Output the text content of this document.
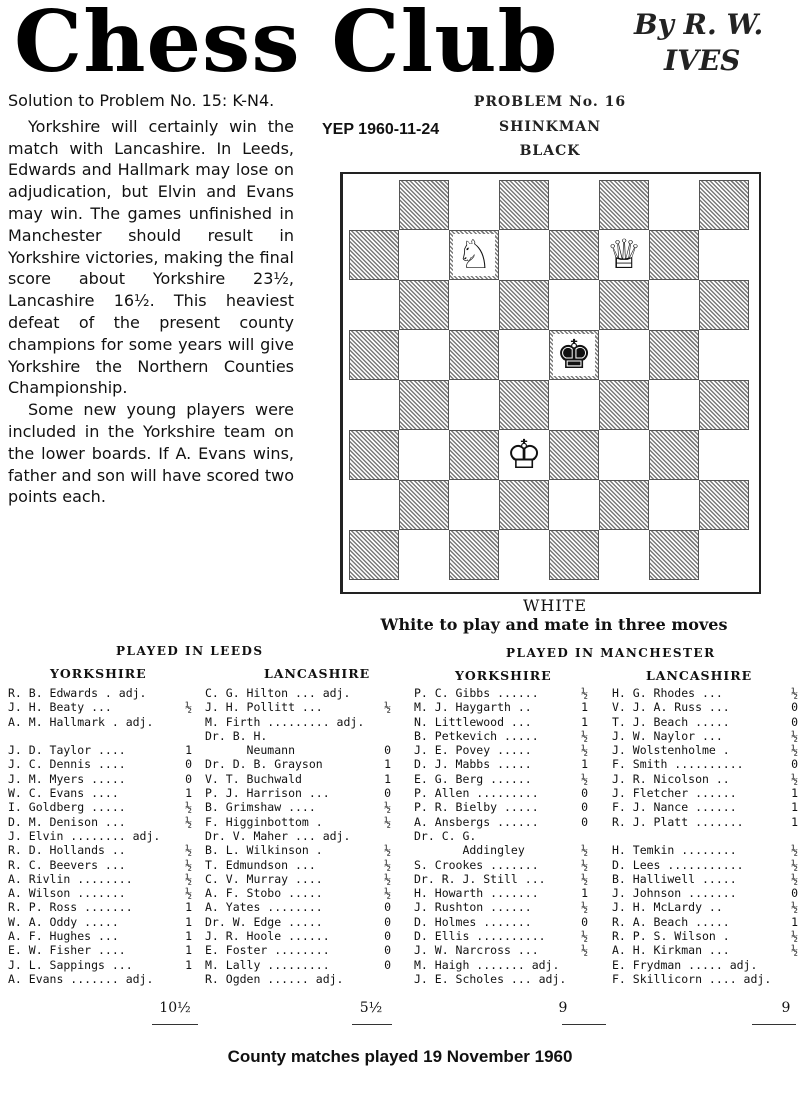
Chess Club	By R. W.
IVES

Solution to Problem No. 15: K-N4.

Yorkshire will certainly win the match with Lancashire. In Leeds, Edwards and Hallmark may lose on adjudication, but Elvin and Evans may win. The games unfinished in Manchester should result in Yorkshire victories, making the final score about Yorkshire 23½, Lancashire 16½. This heaviest defeat of the present county champions for some years will give Yorkshire the Northern Counties Championship.

Some new young players were included in the Yorkshire team on the lower boards. If A. Evans wins, father and son will have scored two points each.

YEP 1960-11-24
PROBLEM No. 16
SHINKMAN
BLACK
♘	♕
♚
♔
WHITE
White to play and mate in three moves
PLAYED IN LEEDS	PLAYED IN MANCHESTER
YORKSHIRE	LANCASHIRE	YORKSHIRE	LANCASHIRE
R. B. Edwards . adj.
J. H. Beaty ...	½
A. M. Hallmark . adj.
J. D. Taylor ....	1
J. C. Dennis ....	0
J. M. Myers .....	0
W. C. Evans ....	1
I. Goldberg .....	½
D. M. Denison ...	½
J. Elvin ........ adj.
R. D. Hollands ..	½
R. C. Beevers ...	½
A. Rivlin ........	½
A. Wilson .......	½
R. P. Ross .......	1
W. A. Oddy .....	1
A. F. Hughes ...	1
E. W. Fisher ....	1
J. L. Sappings ...	1
A. Evans ....... adj.
C. G. Hilton ... adj.
J. H. Pollitt ...	½
M. Firth ......... adj.
Dr. B. H.
Neumann	0
Dr. D. B. Grayson	1
V. T. Buchwald	1
P. J. Harrison ...	0
B. Grimshaw ....	½
F. Higginbottom .	½
Dr. V. Maher ... adj.
B. L. Wilkinson .	½
T. Edmundson ...	½
C. V. Murray ....	½
A. F. Stobo .....	½
A. Yates ........	0
Dr. W. Edge .....	0
J. R. Hoole ......	0
E. Foster ........	0
M. Lally .........	0
R. Ogden ...... adj.
P. C. Gibbs ......	½
M. J. Haygarth ..	1
N. Littlewood ...	1
B. Petkevich .....	½
J. E. Povey .....	½
D. J. Mabbs .....	1
E. G. Berg ......	½
P. Allen .........	0
P. R. Bielby .....	0
A. Ansbergs ......	0
Dr. C. G.
Addingley	½
S. Crookes .......	½
Dr. R. J. Still ...	½
H. Howarth .......	1
J. Rushton ......	½
D. Holmes .......	0
D. Ellis ..........	½
J. W. Narcross ...	½
M. Haigh ....... adj.
J. E. Scholes ... adj.
H. G. Rhodes ...	½
V. J. A. Russ ...	0
T. J. Beach .....	0
J. W. Naylor ...	½
J. Wolstenholme .	½
F. Smith ..........	0
J. R. Nicolson ..	½
J. Fletcher ......	1
F. J. Nance ......	1
R. J. Platt .......	1
H. Temkin ........	½
D. Lees ...........	½
B. Halliwell .....	½
J. Johnson .......	0
J. H. McLardy ..	½
R. A. Beach .....	1
R. P. S. Wilson .	½
A. H. Kirkman ...	½
E. Frydman ..... adj.
F. Skillicorn .... adj.
10½	5½	9	9
County matches played 19 November 1960
